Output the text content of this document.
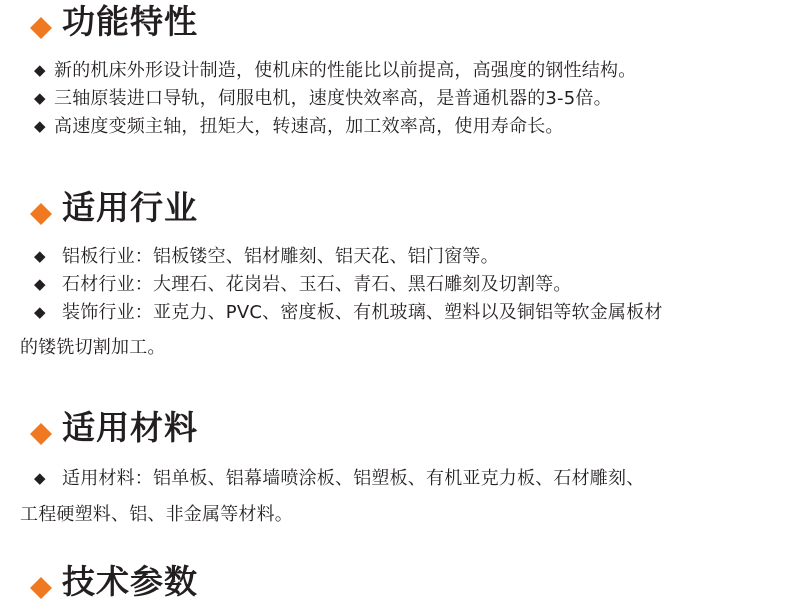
功能特性
◆ 新的机床外形设计制造，使机床的性能比以前提高，高强度的钢性结构。
◆ 三轴原装进口导轨，伺服电机，速度快效率高，是普通机器的3-5倍。
◆ 高速度变频主轴，扭矩大，转速高，加工效率高，使用寿命长。
适用行业
◆ 铝板行业：铝板镂空、铝材雕刻、铝天花、铝门窗等。
◆ 石材行业：大理石、花岗岩、玉石、青石、黑石雕刻及切割等。
◆ 装饰行业：亚克力、PVC、密度板、有机玻璃、塑料以及铜铝等软金属板材
的镂铣切割加工。
适用材料
◆ 适用材料：铝单板、铝幕墙喷涂板、铝塑板、有机亚克力板、石材雕刻、
工程硬塑料、铝、非金属等材料。
技术参数
